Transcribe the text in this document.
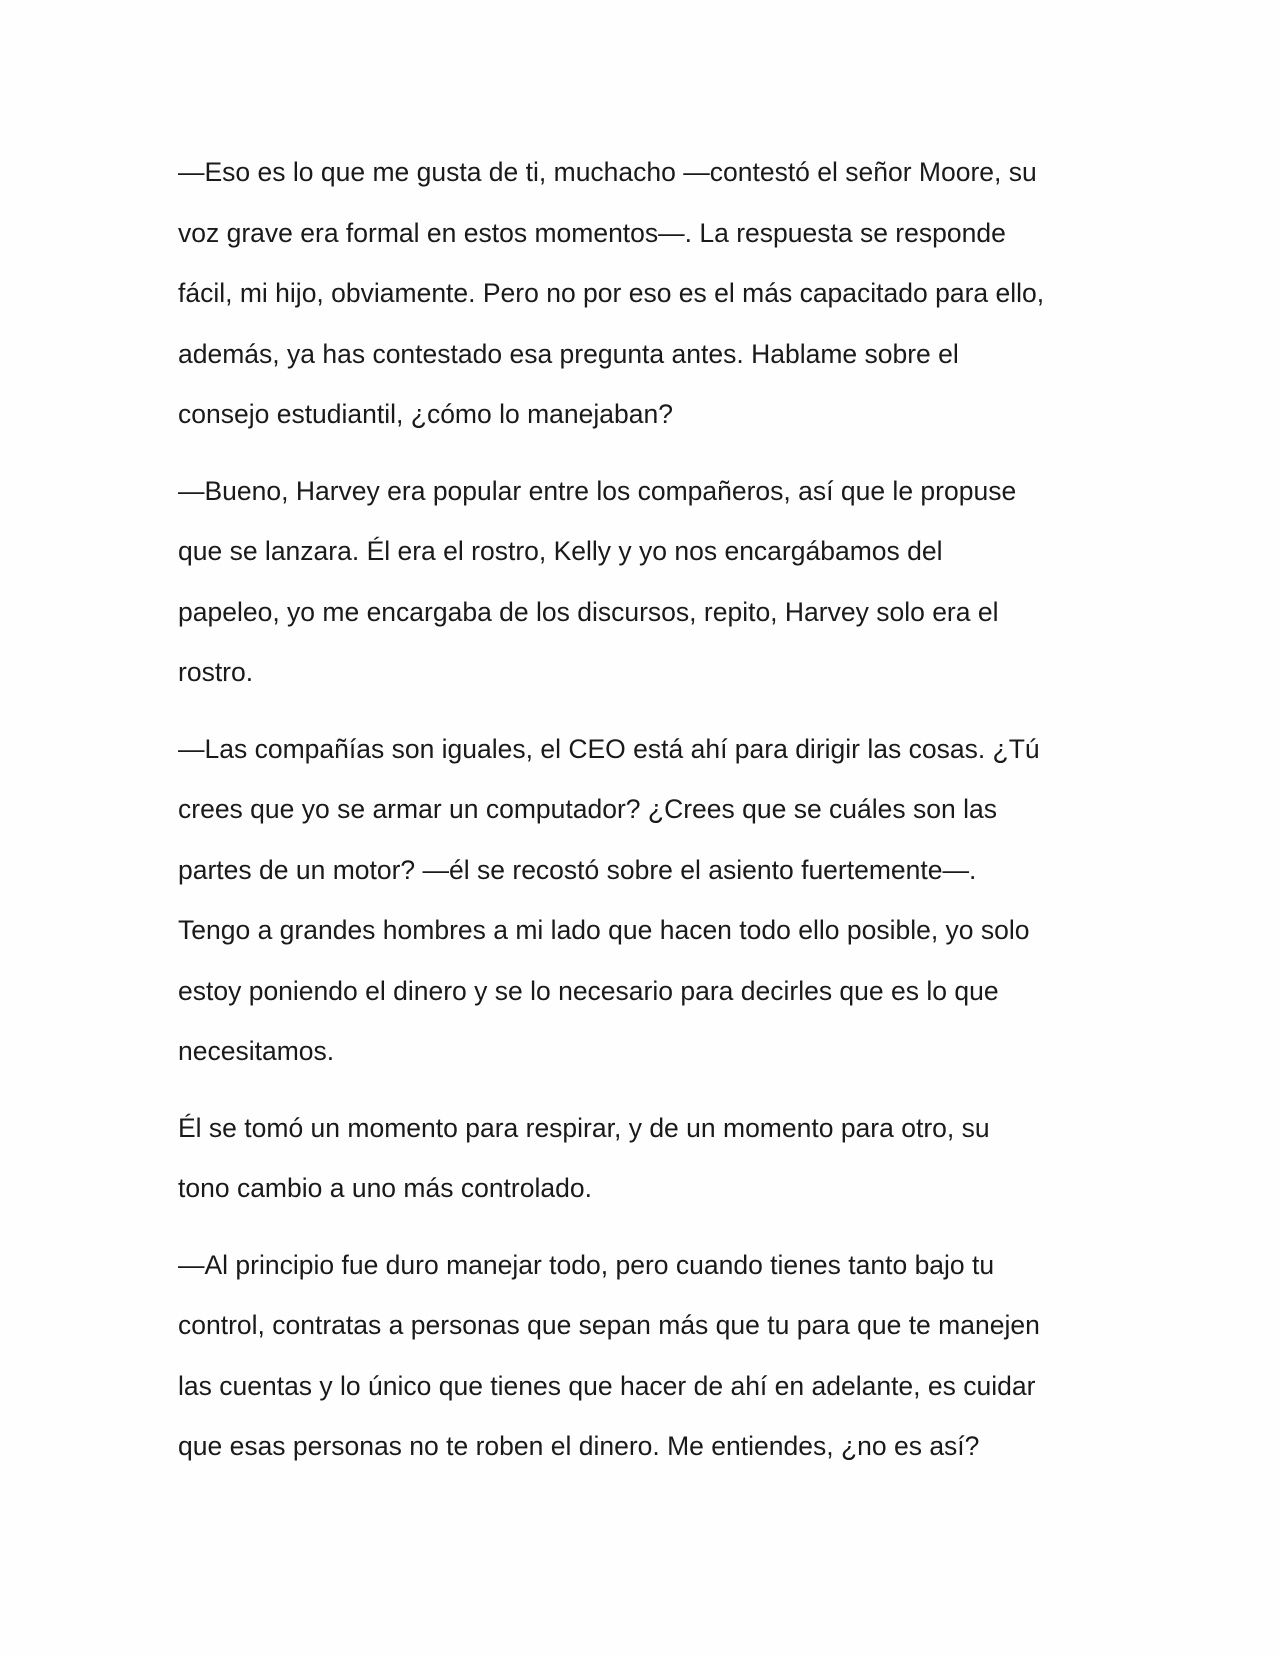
—Eso es lo que me gusta de ti, muchacho —contestó el señor Moore, su
voz grave era formal en estos momentos—. La respuesta se responde
fácil, mi hijo, obviamente. Pero no por eso es el más capacitado para ello,
además, ya has contestado esa pregunta antes. Hablame sobre el
consejo estudiantil, ¿cómo lo manejaban?

—Bueno, Harvey era popular entre los compañeros, así que le propuse
que se lanzara. Él era el rostro, Kelly y yo nos encargábamos del
papeleo, yo me encargaba de los discursos, repito, Harvey solo era el
rostro.

—Las compañías son iguales, el CEO está ahí para dirigir las cosas. ¿Tú
crees que yo se armar un computador? ¿Crees que se cuáles son las
partes de un motor? —él se recostó sobre el asiento fuertemente—.
Tengo a grandes hombres a mi lado que hacen todo ello posible, yo solo
estoy poniendo el dinero y se lo necesario para decirles que es lo que
necesitamos.

Él se tomó un momento para respirar, y de un momento para otro, su
tono cambio a uno más controlado.

—Al principio fue duro manejar todo, pero cuando tienes tanto bajo tu
control, contratas a personas que sepan más que tu para que te manejen
las cuentas y lo único que tienes que hacer de ahí en adelante, es cuidar
que esas personas no te roben el dinero. Me entiendes, ¿no es así?
